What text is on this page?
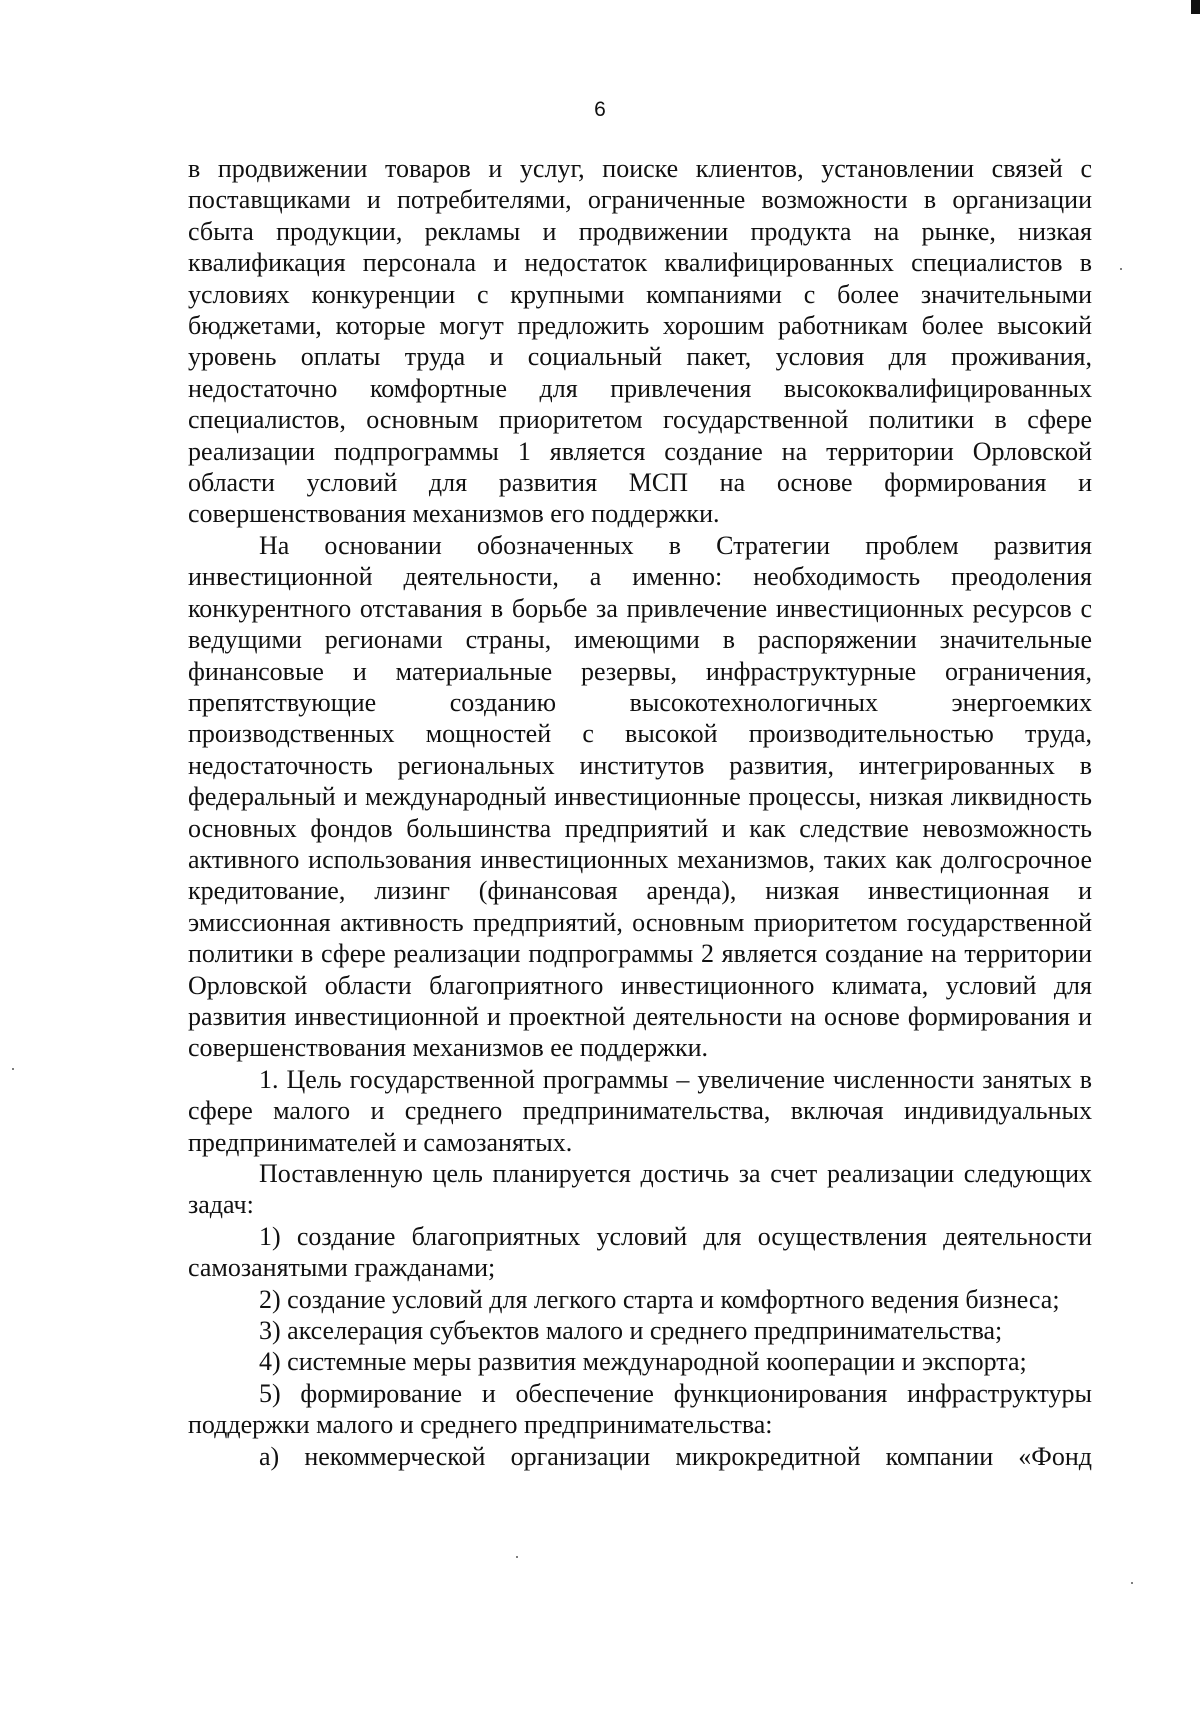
6

в продвижении товаров и услуг, поиске клиентов, установлении связей с поставщиками и потребителями, ограниченные возможности в организации сбыта продукции, рекламы и продвижении продукта на рынке, низкая квалификация персонала и недостаток квалифицированных специалистов в условиях конкуренции с крупными компаниями с более значительными бюджетами, которые могут предложить хорошим работникам более высокий уровень оплаты труда и социальный пакет, условия для проживания, недостаточно комфортные для привлечения высококвалифицированных специалистов, основным приоритетом государственной политики в сфере реализации подпрограммы 1 является создание на территории Орловской области условий для развития МСП на основе формирования и совершенствования механизмов его поддержки.

На основании обозначенных в Стратегии проблем развития инвестиционной деятельности, а именно: необходимость преодоления конкурентного отставания в борьбе за привлечение инвестиционных ресурсов с ведущими регионами страны, имеющими в распоряжении значительные финансовые и материальные резервы, инфраструктурные ограничения, препятствующие созданию высокотехнологичных энергоемких производственных мощностей с высокой производительностью труда, недостаточность региональных институтов развития, интегрированных в федеральный и международный инвестиционные процессы, низкая ликвидность основных фондов большинства предприятий и как следствие невозможность активного использования инвестиционных механизмов, таких как долгосрочное кредитование, лизинг (финансовая аренда), низкая инвестиционная и эмиссионная активность предприятий, основным приоритетом государственной политики в сфере реализации подпрограммы 2 является создание на территории Орловской области благоприятного инвестиционного климата, условий для развития инвестиционной и проектной деятельности на основе формирования и совершенствования механизмов ее поддержки.

1. Цель государственной программы – увеличение численности занятых в сфере малого и среднего предпринимательства, включая индивидуальных предпринимателей и самозанятых.

Поставленную цель планируется достичь за счет реализации следующих задач:

1) создание благоприятных условий для осуществления деятельности самозанятыми гражданами;

2) создание условий для легкого старта и комфортного ведения бизнеса;

3) акселерация субъектов малого и среднего предпринимательства;

4) системные меры развития международной кооперации и экспорта;

5) формирование и обеспечение функционирования инфраструктуры поддержки малого и среднего предпринимательства:

а) некоммерческой организации микрокредитной компании «Фонд
